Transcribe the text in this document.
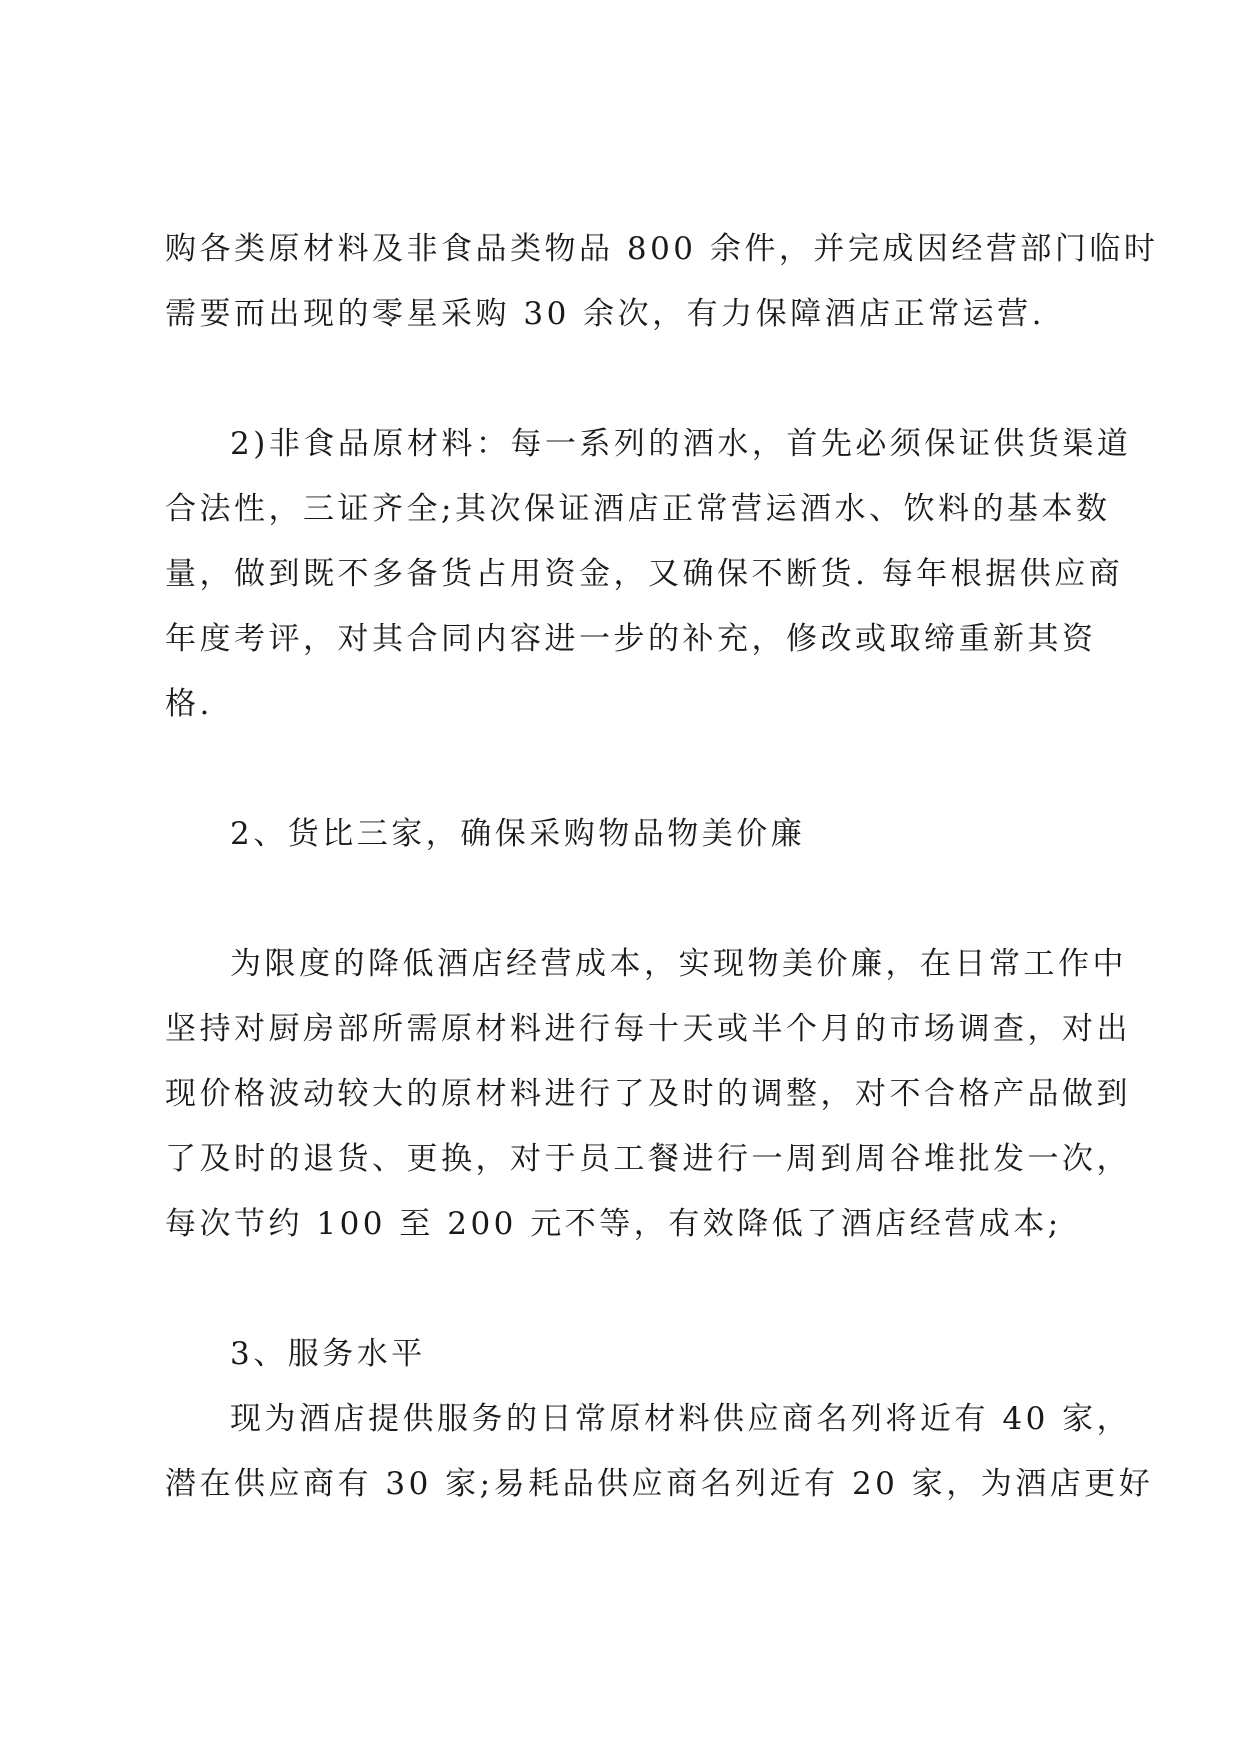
购各类原材料及非食品类物品 800 余件，并完成因经营部门临时
需要而出现的零星采购 30 余次，有力保障酒店正常运营.
2)非食品原材料：每一系列的酒水，首先必须保证供货渠道
合法性，三证齐全;其次保证酒店正常营运酒水、饮料的基本数
量，做到既不多备货占用资金，又确保不断货. 每年根据供应商
年度考评，对其合同内容进一步的补充，修改或取缔重新其资
格.
2、货比三家，确保采购物品物美价廉
为限度的降低酒店经营成本，实现物美价廉，在日常工作中
坚持对厨房部所需原材料进行每十天或半个月的市场调查，对出
现价格波动较大的原材料进行了及时的调整，对不合格产品做到
了及时的退货、更换，对于员工餐进行一周到周谷堆批发一次，
每次节约 100 至 200 元不等，有效降低了酒店经营成本;
3、服务水平
现为酒店提供服务的日常原材料供应商名列将近有 40 家，
潜在供应商有 30 家;易耗品供应商名列近有 20 家，为酒店更好
